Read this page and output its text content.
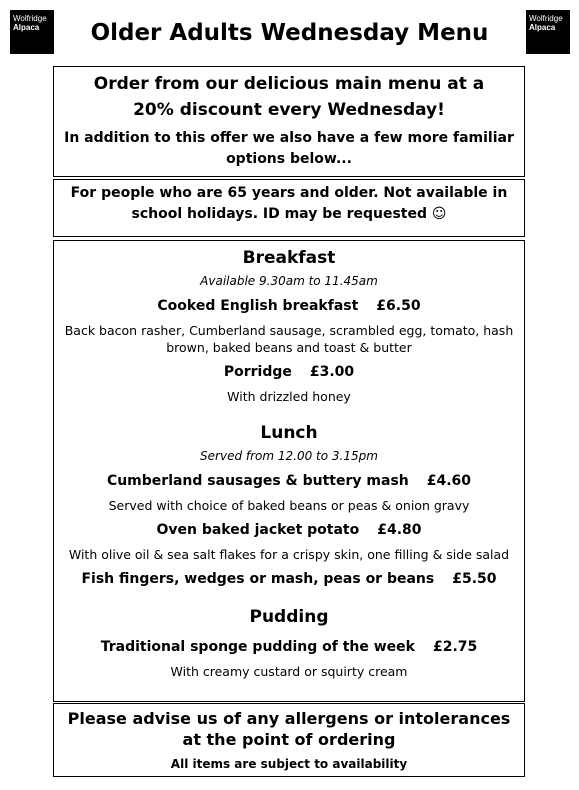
Wolfridge
Alpaca
Wolfridge
Alpaca
Older Adults Wednesday Menu

Order from our delicious main menu at a

20% discount every Wednesday!

In addition to this offer we also have a few more familiar options below...

For people who are 65 years and older. Not available in school holidays. ID may be requested ☺

Breakfast

Available 9.30am to 11.45am

Cooked English breakfast £6.50

Back bacon rasher, Cumberland sausage, scrambled egg, tomato, hash brown, baked beans and toast & butter

Porridge £3.00

With drizzled honey

Lunch

Served from 12.00 to 3.15pm

Cumberland sausages & buttery mash £4.60

Served with choice of baked beans or peas & onion gravy

Oven baked jacket potato £4.80

With olive oil & sea salt flakes for a crispy skin, one filling & side salad

Fish fingers, wedges or mash, peas or beans £5.50

Pudding

Traditional sponge pudding of the week £2.75

With creamy custard or squirty cream

Please advise us of any allergens or intolerances at the point of ordering

All items are subject to availability
